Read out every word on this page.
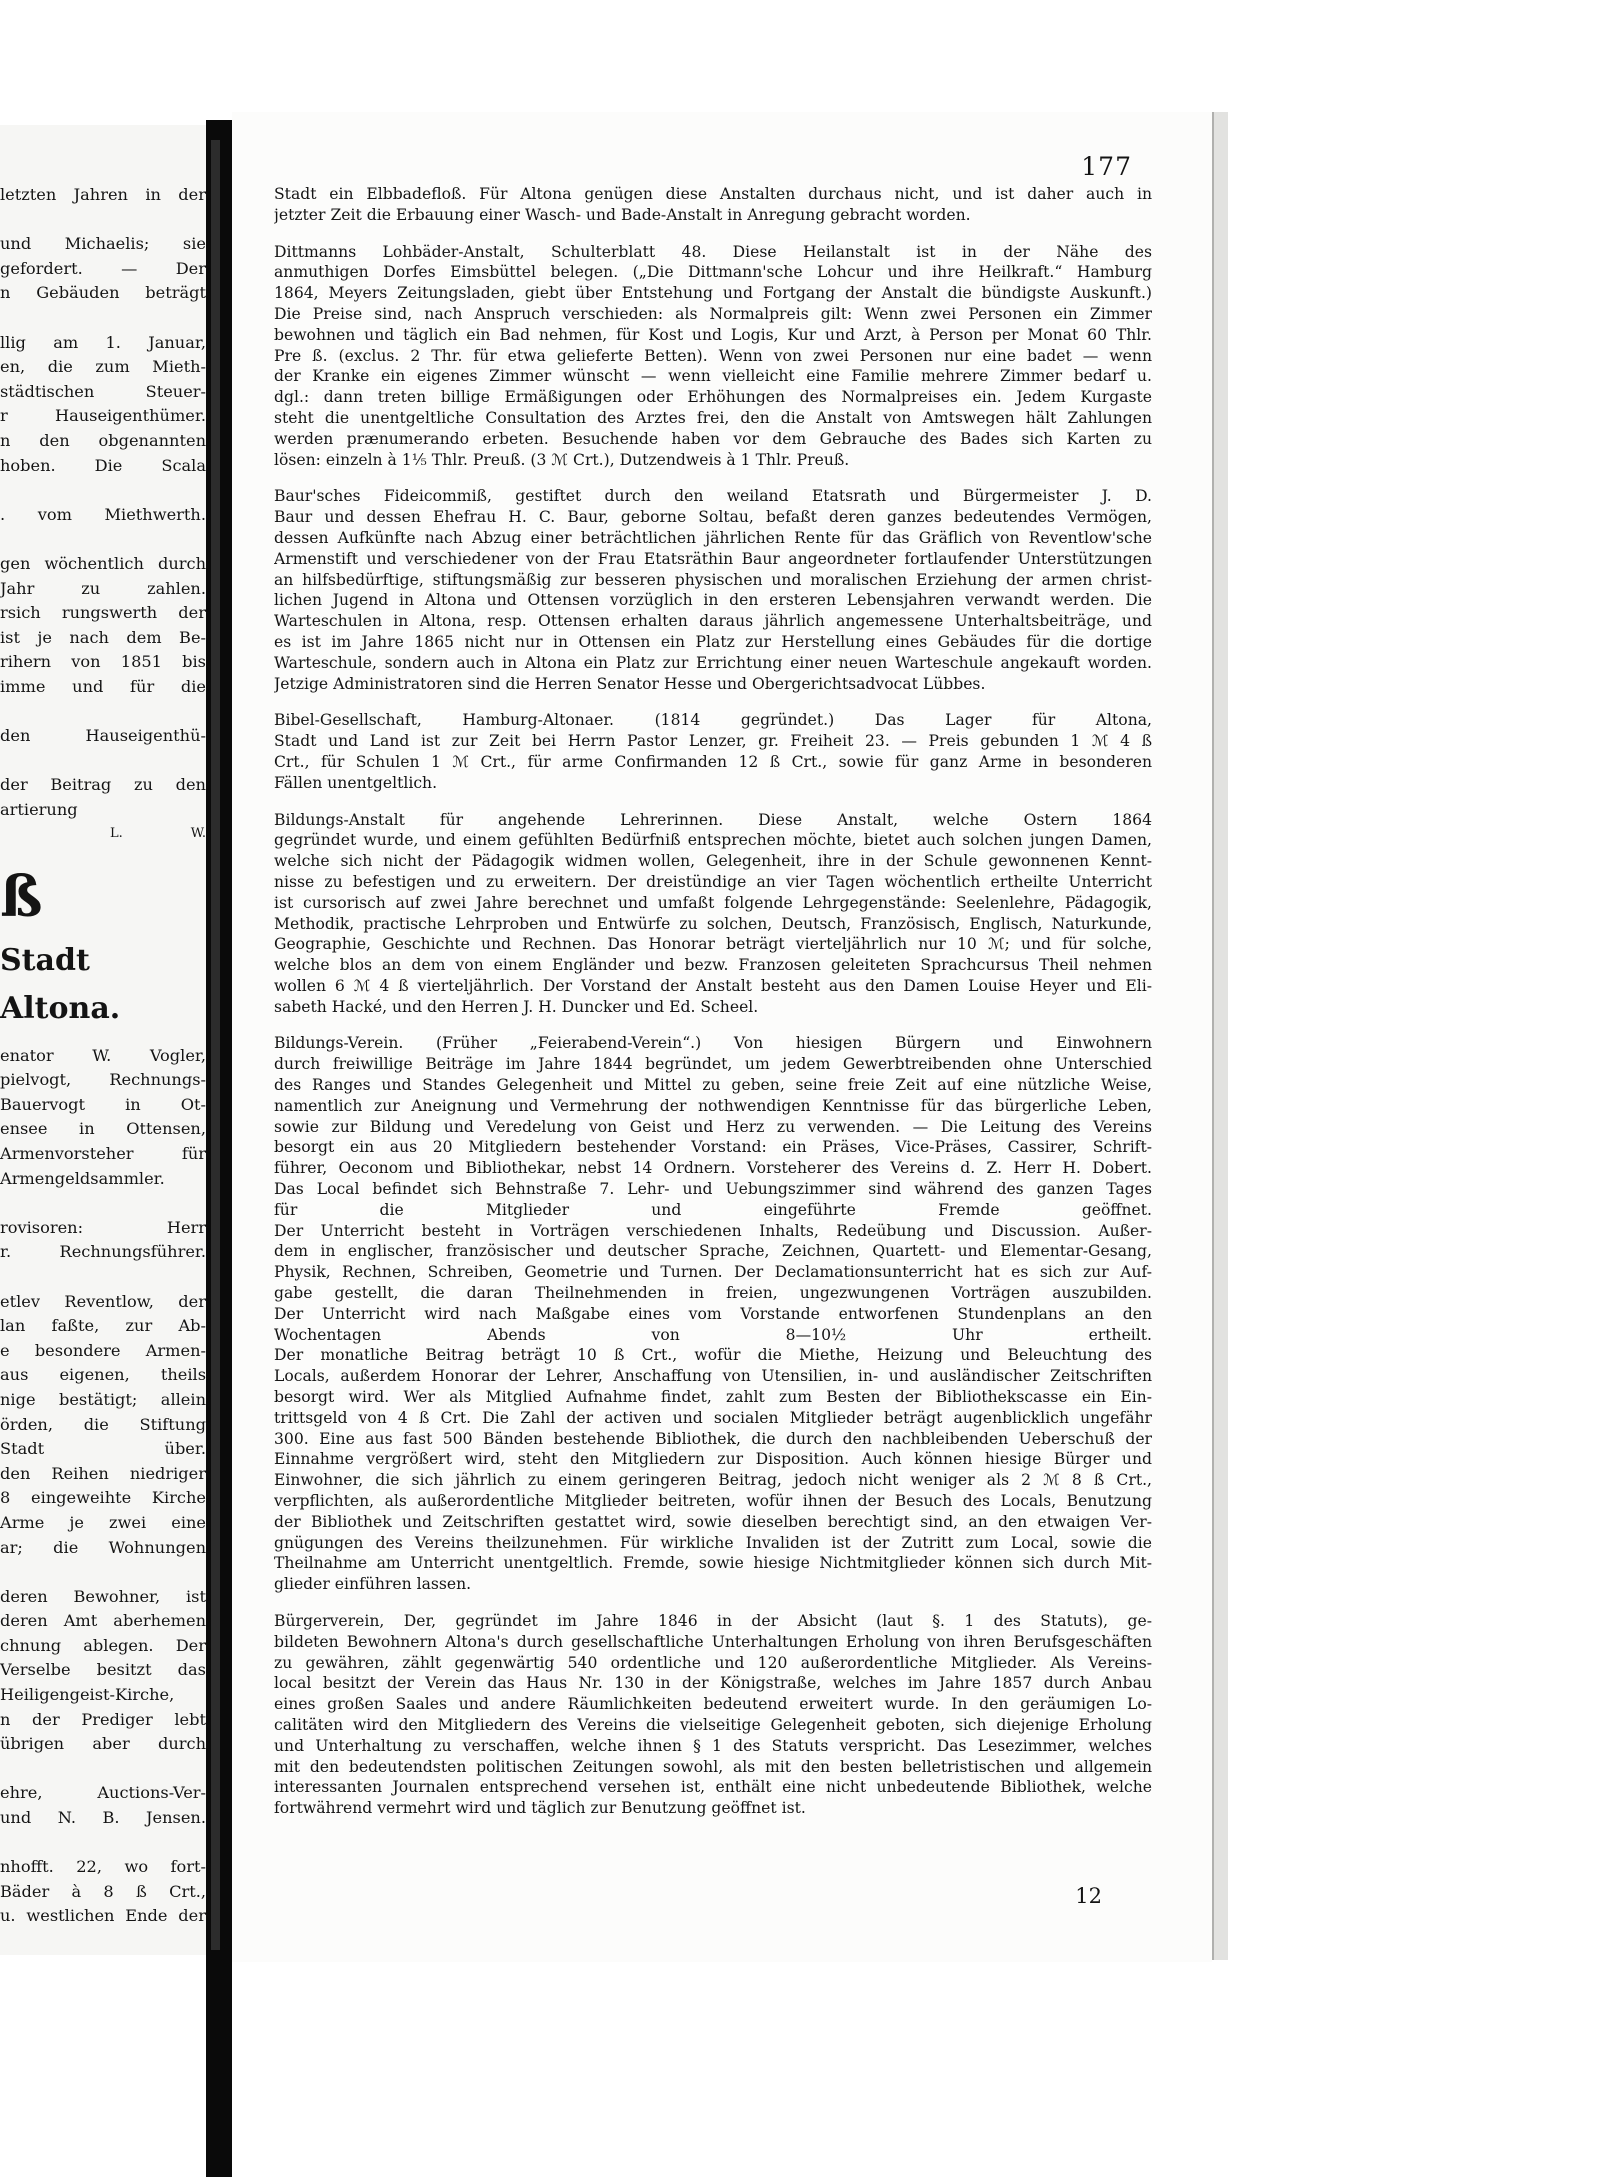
letzten Jahren in der
und Michaelis; sie
gefordert. — Der
n Gebäuden beträgt
llig am 1. Januar,
en, die zum Mieth-
städtischen Steuer-
r Hauseigenthümer.
n den obgenannten
hoben. Die Scala
. vom Miethwerth.
gen wöchentlich durch
Jahr zu zahlen.
rsich rungswerth der
ist je nach dem Be-
rihern von 1851 bis
imme und für die
den Hauseigenthü-
der Beitrag zu den
artierung
L. W.
ß
Stadt Altona.
enator W. Vogler,
pielvogt, Rechnungs-
Bauervogt in Ot-
ensee in Ottensen,
Armenvorsteher für
Armengeldsammler.
rovisoren: Herr
r. Rechnungsführer.
etlev Reventlow, der
lan faßte, zur Ab-
e besondere Armen-
aus eigenen, theils
nige bestätigt; allein
örden, die Stiftung
Stadt über.
den Reihen niedriger
8 eingeweihte Kirche
Arme je zwei eine
ar; die Wohnungen
deren Bewohner, ist
deren Amt aberhemen
chnung ablegen. Der
Verselbe besitzt das
Heiligengeist-Kirche,
n der Prediger lebt
übrigen aber durch
ehre, Auctions-Ver-
und N. B. Jensen.
nhofft. 22, wo fort-
Bäder à 8 ß Crt.,
u. westlichen Ende der
177
Stadt ein Elbbadefloß. Für Altona genügen diese Anstalten durchaus nicht, und ist daher auch in
jetzter Zeit die Erbauung einer Wasch- und Bade-Anstalt in Anregung gebracht worden.
Dittmanns Lohbäder-Anstalt, Schulterblatt 48. Diese Heilanstalt ist in der Nähe des
anmuthigen Dorfes Eimsbüttel belegen. („Die Dittmann'sche Lohcur und ihre Heilkraft.“ Hamburg
1864, Meyers Zeitungsladen, giebt über Entstehung und Fortgang der Anstalt die bündigste Auskunft.)
Die Preise sind, nach Anspruch verschieden: als Normalpreis gilt: Wenn zwei Personen ein Zimmer
bewohnen und täglich ein Bad nehmen, für Kost und Logis, Kur und Arzt, à Person per Monat 60 Thlr.
Pre ß. (exclus. 2 Thr. für etwa gelieferte Betten). Wenn von zwei Personen nur eine badet — wenn
der Kranke ein eigenes Zimmer wünscht — wenn vielleicht eine Familie mehrere Zimmer bedarf u.
dgl.: dann treten billige Ermäßigungen oder Erhöhungen des Normalpreises ein. Jedem Kurgaste
steht die unentgeltliche Consultation des Arztes frei, den die Anstalt von Amtswegen hält Zahlungen
werden prænumerando erbeten. Besuchende haben vor dem Gebrauche des Bades sich Karten zu
lösen: einzeln à 1⅕ Thlr. Preuß. (3 ℳ Crt.), Dutzendweis à 1 Thlr. Preuß.
Baur'sches Fideicommiß, gestiftet durch den weiland Etatsrath und Bürgermeister J. D.
Baur und dessen Ehefrau H. C. Baur, geborne Soltau, befaßt deren ganzes bedeutendes Vermögen,
dessen Aufkünfte nach Abzug einer beträchtlichen jährlichen Rente für das Gräflich von Reventlow'sche
Armenstift und verschiedener von der Frau Etatsräthin Baur angeordneter fortlaufender Unterstützungen
an hilfsbedürftige, stiftungsmäßig zur besseren physischen und moralischen Erziehung der armen christ-
lichen Jugend in Altona und Ottensen vorzüglich in den ersteren Lebensjahren verwandt werden. Die
Warteschulen in Altona, resp. Ottensen erhalten daraus jährlich angemessene Unterhaltsbeiträge, und
es ist im Jahre 1865 nicht nur in Ottensen ein Platz zur Herstellung eines Gebäudes für die dortige
Warteschule, sondern auch in Altona ein Platz zur Errichtung einer neuen Warteschule angekauft worden.
Jetzige Administratoren sind die Herren Senator Hesse und Obergerichtsadvocat Lübbes.
Bibel-Gesellschaft, Hamburg-Altonaer. (1814 gegründet.) Das Lager für Altona,
Stadt und Land ist zur Zeit bei Herrn Pastor Lenzer, gr. Freiheit 23. — Preis gebunden 1 ℳ 4 ß
Crt., für Schulen 1 ℳ Crt., für arme Confirmanden 12 ß Crt., sowie für ganz Arme in besonderen
Fällen unentgeltlich.
Bildungs-Anstalt für angehende Lehrerinnen. Diese Anstalt, welche Ostern 1864
gegründet wurde, und einem gefühlten Bedürfniß entsprechen möchte, bietet auch solchen jungen Damen,
welche sich nicht der Pädagogik widmen wollen, Gelegenheit, ihre in der Schule gewonnenen Kennt-
nisse zu befestigen und zu erweitern. Der dreistündige an vier Tagen wöchentlich ertheilte Unterricht
ist cursorisch auf zwei Jahre berechnet und umfaßt folgende Lehrgegenstände: Seelenlehre, Pädagogik,
Methodik, practische Lehrproben und Entwürfe zu solchen, Deutsch, Französisch, Englisch, Naturkunde,
Geographie, Geschichte und Rechnen. Das Honorar beträgt vierteljährlich nur 10 ℳ; und für solche,
welche blos an dem von einem Engländer und bezw. Franzosen geleiteten Sprachcursus Theil nehmen
wollen 6 ℳ 4 ß vierteljährlich. Der Vorstand der Anstalt besteht aus den Damen Louise Heyer und Eli-
sabeth Hacké, und den Herren J. H. Duncker und Ed. Scheel.
Bildungs-Verein. (Früher „Feierabend-Verein“.) Von hiesigen Bürgern und Einwohnern
durch freiwillige Beiträge im Jahre 1844 begründet, um jedem Gewerbtreibenden ohne Unterschied
des Ranges und Standes Gelegenheit und Mittel zu geben, seine freie Zeit auf eine nützliche Weise,
namentlich zur Aneignung und Vermehrung der nothwendigen Kenntnisse für das bürgerliche Leben,
sowie zur Bildung und Veredelung von Geist und Herz zu verwenden. — Die Leitung des Vereins
besorgt ein aus 20 Mitgliedern bestehender Vorstand: ein Präses, Vice-Präses, Cassirer, Schrift-
führer, Oeconom und Bibliothekar, nebst 14 Ordnern. Vorsteherer des Vereins d. Z. Herr H. Dobert.
Das Local befindet sich Behnstraße 7. Lehr- und Uebungszimmer sind während des ganzen Tages
für die Mitglieder und eingeführte Fremde geöffnet.
Der Unterricht besteht in Vorträgen verschiedenen Inhalts, Redeübung und Discussion. Außer-
dem in englischer, französischer und deutscher Sprache, Zeichnen, Quartett- und Elementar-Gesang,
Physik, Rechnen, Schreiben, Geometrie und Turnen. Der Declamationsunterricht hat es sich zur Auf-
gabe gestellt, die daran Theilnehmenden in freien, ungezwungenen Vorträgen auszubilden.
Der Unterricht wird nach Maßgabe eines vom Vorstande entworfenen Stundenplans an den
Wochentagen Abends von 8—10½ Uhr ertheilt.
Der monatliche Beitrag beträgt 10 ß Crt., wofür die Miethe, Heizung und Beleuchtung des
Locals, außerdem Honorar der Lehrer, Anschaffung von Utensilien, in- und ausländischer Zeitschriften
besorgt wird. Wer als Mitglied Aufnahme findet, zahlt zum Besten der Bibliothekscasse ein Ein-
trittsgeld von 4 ß Crt. Die Zahl der activen und socialen Mitglieder beträgt augenblicklich ungefähr
300. Eine aus fast 500 Bänden bestehende Bibliothek, die durch den nachbleibenden Ueberschuß der
Einnahme vergrößert wird, steht den Mitgliedern zur Disposition. Auch können hiesige Bürger und
Einwohner, die sich jährlich zu einem geringeren Beitrag, jedoch nicht weniger als 2 ℳ 8 ß Crt.,
verpflichten, als außerordentliche Mitglieder beitreten, wofür ihnen der Besuch des Locals, Benutzung
der Bibliothek und Zeitschriften gestattet wird, sowie dieselben berechtigt sind, an den etwaigen Ver-
gnügungen des Vereins theilzunehmen. Für wirkliche Invaliden ist der Zutritt zum Local, sowie die
Theilnahme am Unterricht unentgeltlich. Fremde, sowie hiesige Nichtmitglieder können sich durch Mit-
glieder einführen lassen.
Bürgerverein, Der, gegründet im Jahre 1846 in der Absicht (laut §. 1 des Statuts), ge-
bildeten Bewohnern Altona's durch gesellschaftliche Unterhaltungen Erholung von ihren Berufsgeschäften
zu gewähren, zählt gegenwärtig 540 ordentliche und 120 außerordentliche Mitglieder. Als Vereins-
local besitzt der Verein das Haus Nr. 130 in der Königstraße, welches im Jahre 1857 durch Anbau
eines großen Saales und andere Räumlichkeiten bedeutend erweitert wurde. In den geräumigen Lo-
calitäten wird den Mitgliedern des Vereins die vielseitige Gelegenheit geboten, sich diejenige Erholung
und Unterhaltung zu verschaffen, welche ihnen § 1 des Statuts verspricht. Das Lesezimmer, welches
mit den bedeutendsten politischen Zeitungen sowohl, als mit den besten belletristischen und allgemein
interessanten Journalen entsprechend versehen ist, enthält eine nicht unbedeutende Bibliothek, welche
fortwährend vermehrt wird und täglich zur Benutzung geöffnet ist.
12
